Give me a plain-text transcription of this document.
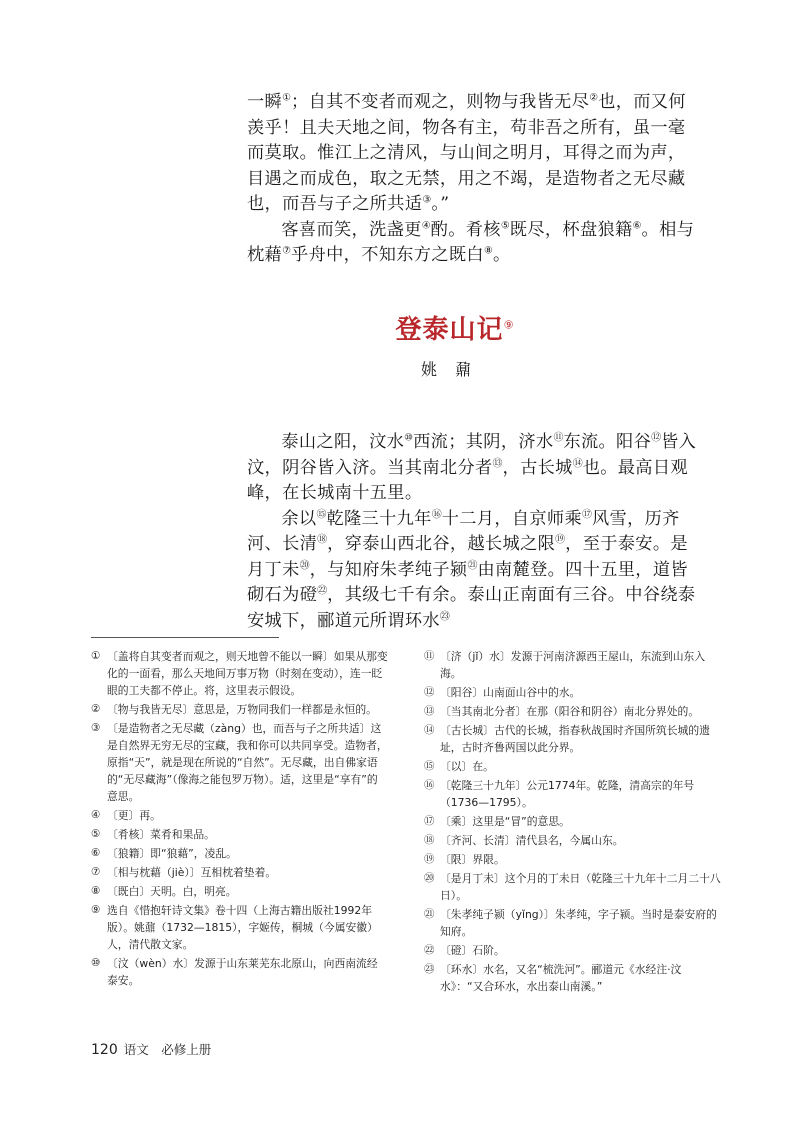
一瞬①；自其不变者而观之，则物与我皆无尽②也，而又何羡乎！且夫天地之间，物各有主，苟非吾之所有，虽一毫而莫取。惟江上之清风，与山间之明月，耳得之而为声，目遇之而成色，取之无禁，用之不竭，是造物者之无尽藏也，而吾与子之所共适③。”

客喜而笑，洗盏更④酌。肴核⑤既尽，杯盘狼籍⑥。相与枕藉⑦乎舟中，不知东方之既白⑧。

登泰山记⑨
姚鼐

泰山之阳，汶水⑩西流；其阴，济水⑪东流。阳谷⑫皆入汶，阴谷皆入济。当其南北分者⑬，古长城⑭也。最高日观峰，在长城南十五里。

余以⑮乾隆三十九年⑯十二月，自京师乘⑰风雪，历齐河、长清⑱，穿泰山西北谷，越长城之限⑲，至于泰安。是月丁未⑳，与知府朱孝纯子颍$^㉑$由南麓登。四十五里，道皆砌石为磴$^㉒$，其级七千有余。泰山正南面有三谷。中谷绕泰安城下，郦道元所谓环水$^㉓$

① 〔盖将自其变者而观之，则天地曾不能以一瞬〕如果从那变化的一面看，那么天地间万事万物（时刻在变动），连一眨眼的工夫都不停止。将，这里表示假设。
② 〔物与我皆无尽〕意思是，万物同我们一样都是永恒的。
③ 〔是造物者之无尽藏（zàng）也，而吾与子之所共适〕这是自然界无穷无尽的宝藏，我和你可以共同享受。造物者，原指“天”，就是现在所说的“自然”。无尽藏，出自佛家语的“无尽藏海”（像海之能包罗万物）。适，这里是“享有”的意思。
④ 〔更〕再。
⑤ 〔肴核〕菜肴和果品。
⑥ 〔狼籍〕即“狼藉”，凌乱。
⑦ 〔相与枕藉（jiè）〕互相枕着垫着。
⑧ 〔既白〕天明。白，明亮。
⑨ 选自《惜抱轩诗文集》卷十四（上海古籍出版社1992年版）。姚鼐（1732—1815），字姬传，桐城（今属安徽）人，清代散文家。
⑩ 〔汶（wèn）水〕发源于山东莱芜东北原山，向西南流经泰安。
⑪ 〔济（jǐ）水〕发源于河南济源西王屋山，东流到山东入海。
⑫ 〔阳谷〕山南面山谷中的水。
⑬ 〔当其南北分者〕在那（阳谷和阴谷）南北分界处的。
⑭ 〔古长城〕古代的长城，指春秋战国时齐国所筑长城的遗址，古时齐鲁两国以此分界。
⑮ 〔以〕在。
⑯ 〔乾隆三十九年〕公元1774年。乾隆，清高宗的年号（1736—1795）。
⑰ 〔乘〕这里是“冒”的意思。
⑱ 〔齐河、长清〕清代县名，今属山东。
⑲ 〔限〕界限。
⑳ 〔是月丁未〕这个月的丁未日（乾隆三十九年十二月二十八日）。
㉑ 〔朱孝纯子颍（yǐng）〕朱孝纯，字子颍。当时是泰安府的知府。
㉒ 〔磴〕石阶。
㉓ 〔环水〕水名，又名“梳洗河”。郦道元《水经注·汶水》：“又合环水，水出泰山南溪。”
120 语文　必修上册
